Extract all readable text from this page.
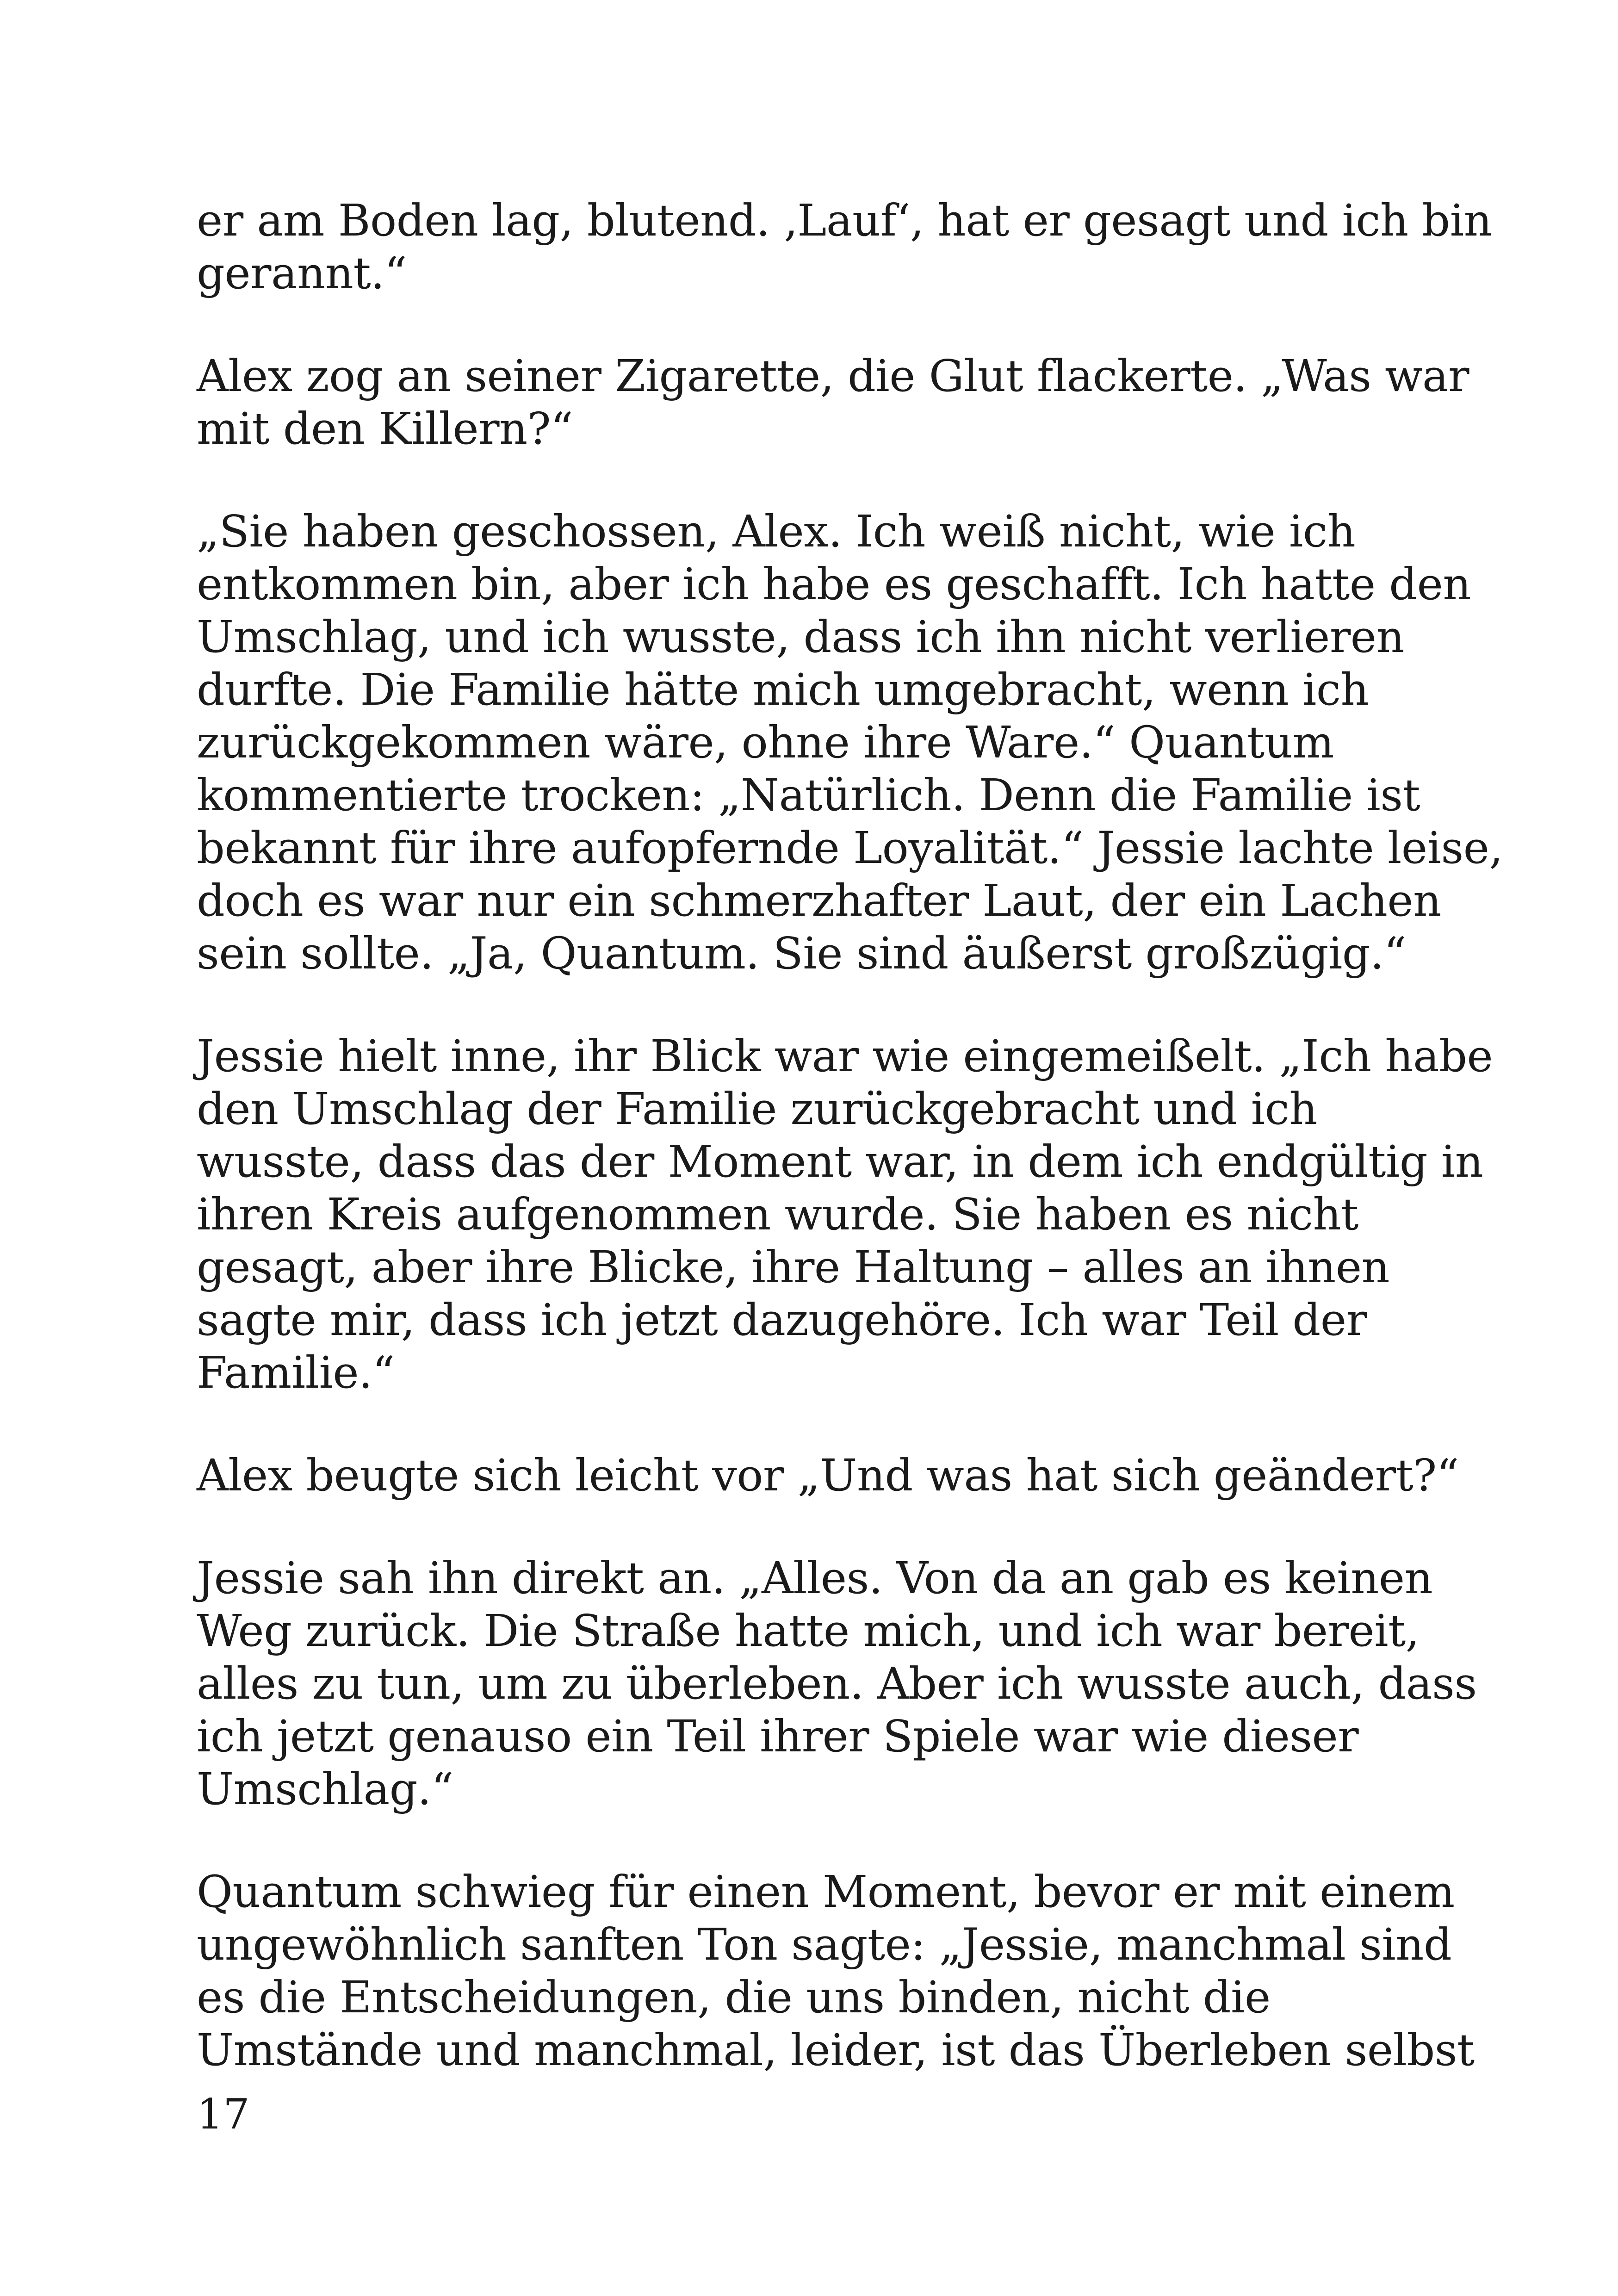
er am Boden lag, blutend. ‚Lauf‘, hat er gesagt und ich bin
gerannt.“

Alex zog an seiner Zigarette, die Glut flackerte. „Was war
mit den Killern?“

„Sie haben geschossen, Alex. Ich weiß nicht, wie ich
entkommen bin, aber ich habe es geschafft. Ich hatte den
Umschlag, und ich wusste, dass ich ihn nicht verlieren
durfte. Die Familie hätte mich umgebracht, wenn ich
zurückgekommen wäre, ohne ihre Ware.“ Quantum
kommentierte trocken: „Natürlich. Denn die Familie ist
bekannt für ihre aufopfernde Loyalität.“ Jessie lachte leise,
doch es war nur ein schmerzhafter Laut, der ein Lachen
sein sollte. „Ja, Quantum. Sie sind äußerst großzügig.“

Jessie hielt inne, ihr Blick war wie eingemeißelt. „Ich habe
den Umschlag der Familie zurückgebracht und ich
wusste, dass das der Moment war, in dem ich endgültig in
ihren Kreis aufgenommen wurde. Sie haben es nicht
gesagt, aber ihre Blicke, ihre Haltung – alles an ihnen
sagte mir, dass ich jetzt dazugehöre. Ich war Teil der
Familie.“

Alex beugte sich leicht vor „Und was hat sich geändert?“

Jessie sah ihn direkt an. „Alles. Von da an gab es keinen
Weg zurück. Die Straße hatte mich, und ich war bereit,
alles zu tun, um zu überleben. Aber ich wusste auch, dass
ich jetzt genauso ein Teil ihrer Spiele war wie dieser
Umschlag.“

Quantum schwieg für einen Moment, bevor er mit einem
ungewöhnlich sanften Ton sagte: „Jessie, manchmal sind
es die Entscheidungen, die uns binden, nicht die
Umstände und manchmal, leider, ist das Überleben selbst

17
